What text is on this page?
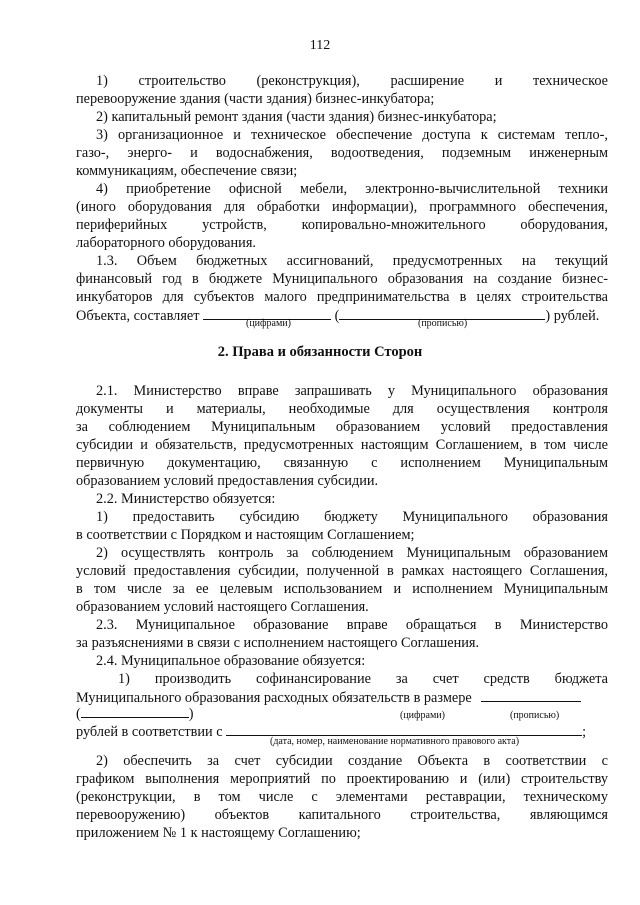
112
1) строительство (реконструкция), расширение и техническое
перевооружение здания (части здания) бизнес-инкубатора;
2) капитальный ремонт здания (части здания) бизнес-инкубатора;
3) организационное и техническое обеспечение доступа к системам тепло-,
газо-, энерго- и водоснабжения, водоотведения, подземным инженерным
коммуникациям, обеспечение связи;
4) приобретение офисной мебели, электронно-вычислительной техники
(иного оборудования для обработки информации), программного обеспечения,
периферийных устройств, копировально-множительного оборудования,
лабораторного оборудования.
1.3. Объем бюджетных ассигнований, предусмотренных на текущий
финансовый год в бюджете Муниципального образования на создание бизнес-
инкубаторов для субъектов малого предпринимательства в целях строительства
Объекта, составляет	(	) рублей.
(цифрами)	(прописью)
2. Права и обязанности Сторон
2.1. Министерство вправе запрашивать у Муниципального образования
документы и материалы, необходимые для осуществления контроля
за соблюдением Муниципальным образованием условий предоставления
субсидии и обязательств, предусмотренных настоящим Соглашением, в том числе
первичную документацию, связанную с исполнением Муниципальным
образованием условий предоставления субсидии.
2.2. Министерство обязуется:
1) предоставить субсидию бюджету Муниципального образования
в соответствии с Порядком и настоящим Соглашением;
2) осуществлять контроль за соблюдением Муниципальным образованием
условий предоставления субсидии, полученной в рамках настоящего Соглашения,
в том числе за ее целевым использованием и исполнением Муниципальным
образованием условий настоящего Соглашения.
2.3. Муниципальное образование вправе обращаться в Министерство
за разъяснениями в связи с исполнением настоящего Соглашения.
2.4. Муниципальное образование обязуется:
1) производить софинансирование за счет средств бюджета
Муниципального образования расходных обязательств в размере
(	)	(цифрами)	(прописью)
рублей в соответствии с	;
(дата, номер, наименование нормативного правового акта)
2) обеспечить за счет субсидии создание Объекта в соответствии с
графиком выполнения мероприятий по проектированию и (или) строительству
(реконструкции, в том числе с элементами реставрации, техническому
перевооружению) объектов капитального строительства, являющимся
приложением № 1 к настоящему Соглашению;
